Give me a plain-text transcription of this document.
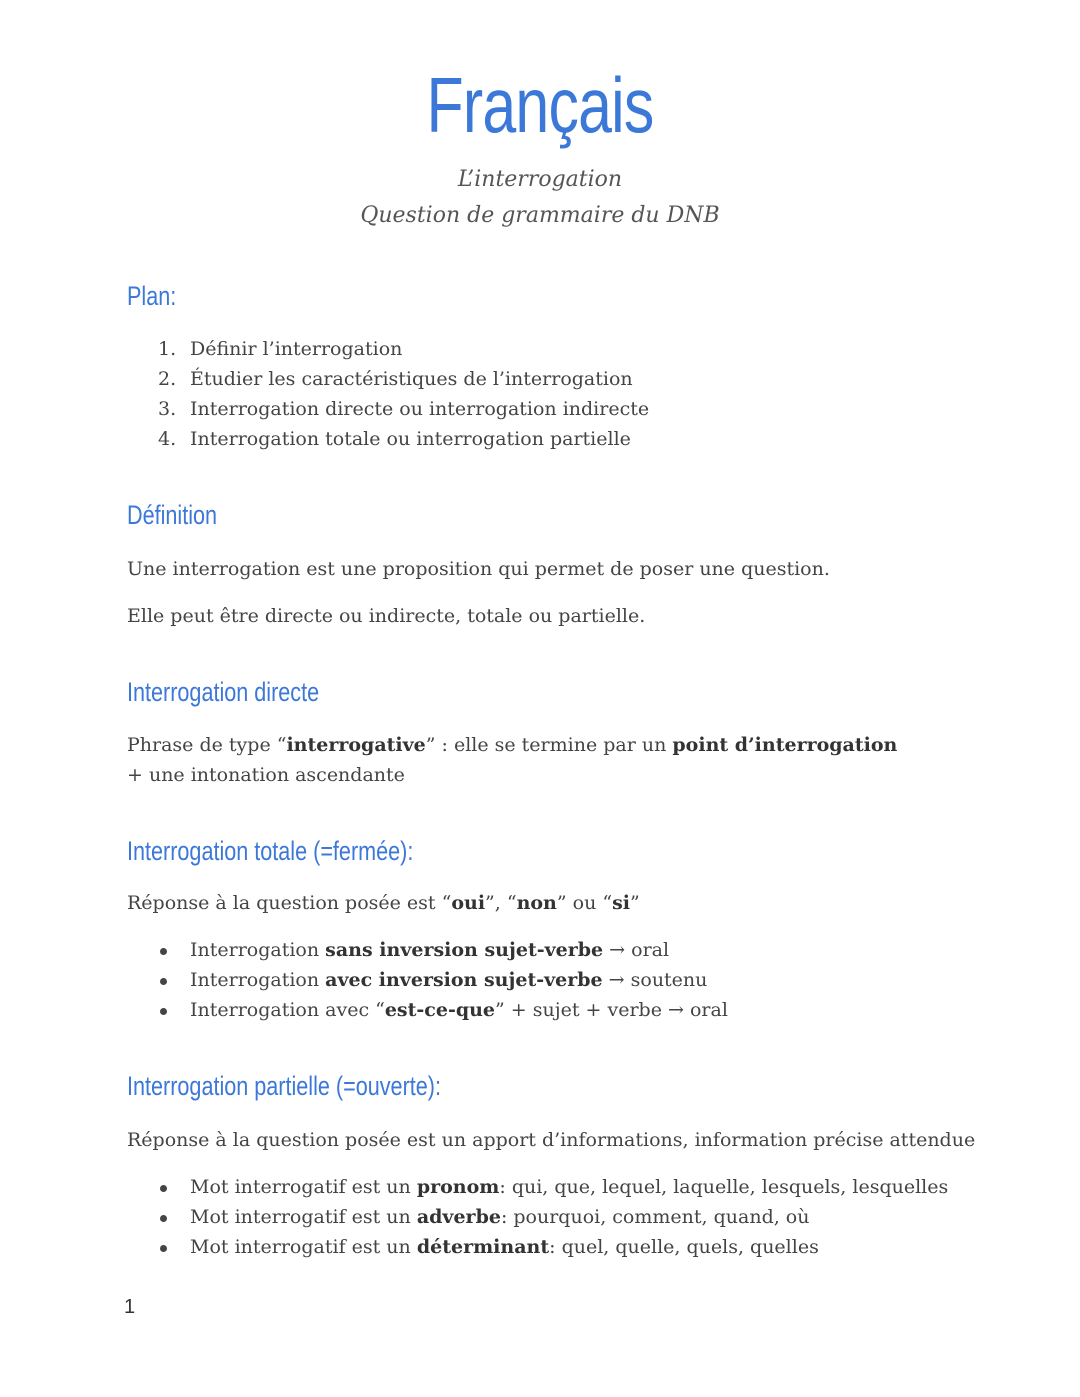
Français
L’interrogation
Question de grammaire du DNB
Plan:
1. Définir l’interrogation
2. Étudier les caractéristiques de l’interrogation
3. Interrogation directe ou interrogation indirecte
4. Interrogation totale ou interrogation partielle
Définition
Une interrogation est une proposition qui permet de poser une question.
Elle peut être directe ou indirecte, totale ou partielle.
Interrogation directe
Phrase de type “interrogative” : elle se termine par un point d’interrogation + une intonation ascendante
Interrogation totale (=fermée):
Réponse à la question posée est “oui”, “non” ou “si”
Interrogation sans inversion sujet-verbe → oral
Interrogation avec inversion sujet-verbe → soutenu
Interrogation avec “est-ce-que” + sujet + verbe → oral
Interrogation partielle (=ouverte):
Réponse à la question posée est un apport d’informations, information précise attendue
Mot interrogatif est un pronom: qui, que, lequel, laquelle, lesquels, lesquelles
Mot interrogatif est un adverbe: pourquoi, comment, quand, où
Mot interrogatif est un déterminant: quel, quelle, quels, quelles
1
